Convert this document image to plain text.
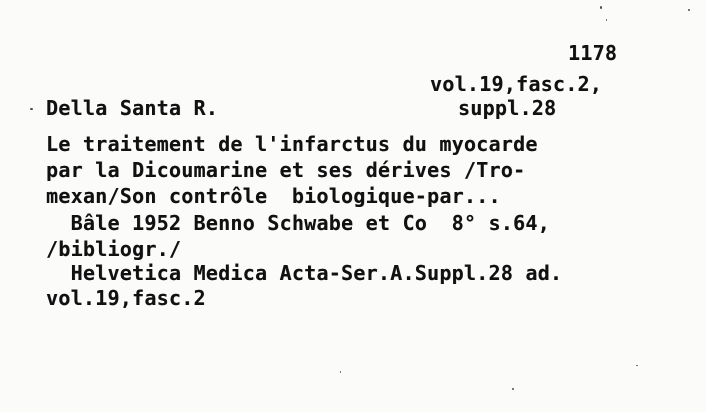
1178

vol.19,fasc.2,

Della Santa R.	suppl.28

Le traitement de l'infarctus du myocarde

par la Dicoumarine et ses dérives /Tro-

mexan/Son contrôle  biologique-par...

Bâle 1952 Benno Schwabe et Co  8° s.64,

/bibliogr./

Helvetica Medica Acta-Ser.A.Suppl.28 ad.

vol.19,fasc.2
